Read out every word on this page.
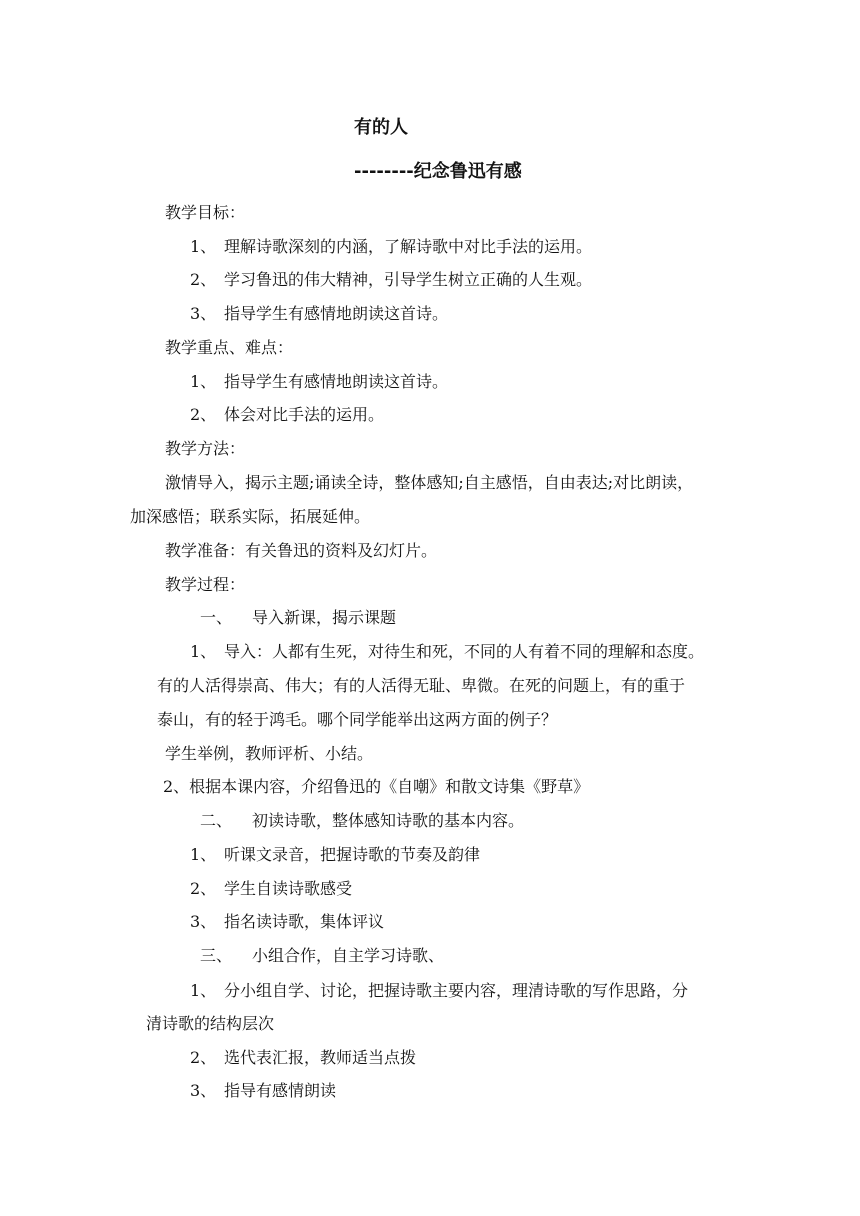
有的人
--------纪念鲁迅有感
教学目标：
1、 理解诗歌深刻的内涵，了解诗歌中对比手法的运用。
2、 学习鲁迅的伟大精神，引导学生树立正确的人生观。
3、 指导学生有感情地朗读这首诗。
教学重点、难点：
1、 指导学生有感情地朗读这首诗。
2、 体会对比手法的运用。
教学方法：
激情导入，揭示主题;诵读全诗，整体感知;自主感悟，自由表达;对比朗读，
加深感悟；联系实际，拓展延伸。
教学准备：有关鲁迅的资料及幻灯片。
教学过程：
一、 导入新课，揭示课题
1、 导入：人都有生死，对待生和死，不同的人有着不同的理解和态度。
有的人活得崇高、伟大；有的人活得无耻、卑微。在死的问题上，有的重于
泰山，有的轻于鸿毛。哪个同学能举出这两方面的例子？
学生举例，教师评析、小结。
2、根据本课内容，介绍鲁迅的《自嘲》和散文诗集《野草》
二、 初读诗歌，整体感知诗歌的基本内容。
1、 听课文录音，把握诗歌的节奏及韵律
2、 学生自读诗歌感受
3、 指名读诗歌，集体评议
三、 小组合作，自主学习诗歌、
1、 分小组自学、讨论，把握诗歌主要内容，理清诗歌的写作思路，分
清诗歌的结构层次
2、 选代表汇报，教师适当点拨
3、 指导有感情朗读
